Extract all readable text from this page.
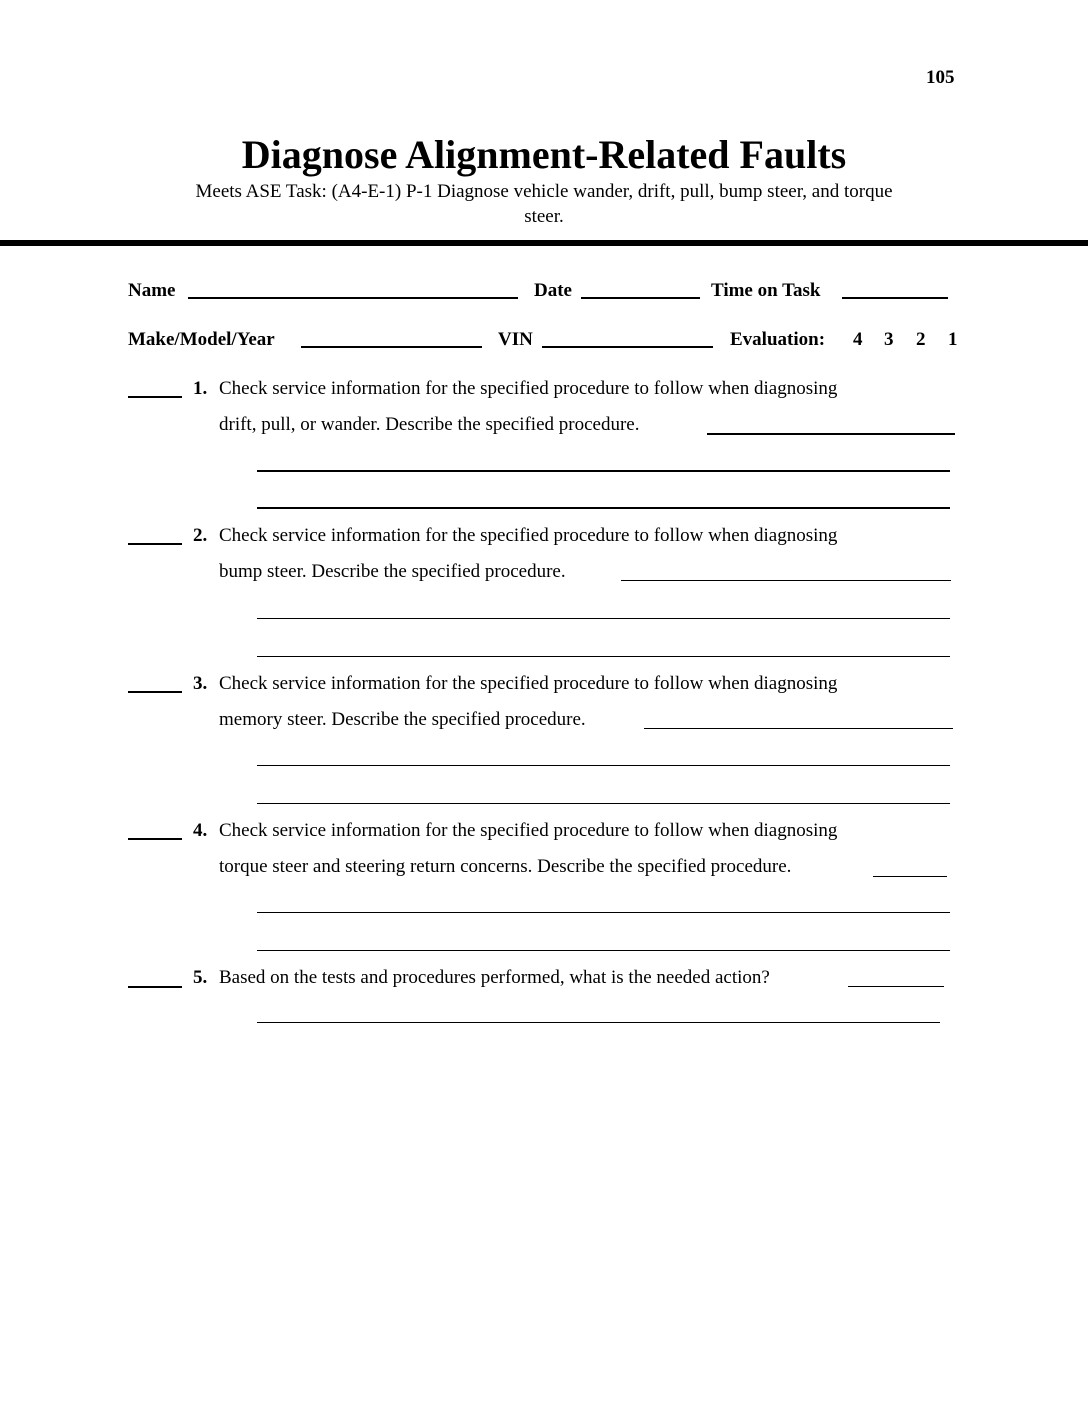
105
Diagnose Alignment-Related Faults
Meets ASE Task: (A4-E-1) P-1 Diagnose vehicle wander, drift, pull, bump steer, and torque
steer.
Name	Date	Time on Task
Make/Model/Year	VIN	Evaluation: 4 3 2 1
1. Check service information for the specified procedure to follow when diagnosing
drift, pull, or wander. Describe the specified procedure.
2. Check service information for the specified procedure to follow when diagnosing
bump steer. Describe the specified procedure.
3. Check service information for the specified procedure to follow when diagnosing
memory steer. Describe the specified procedure.
4. Check service information for the specified procedure to follow when diagnosing
torque steer and steering return concerns. Describe the specified procedure.
5. Based on the tests and procedures performed, what is the needed action?
